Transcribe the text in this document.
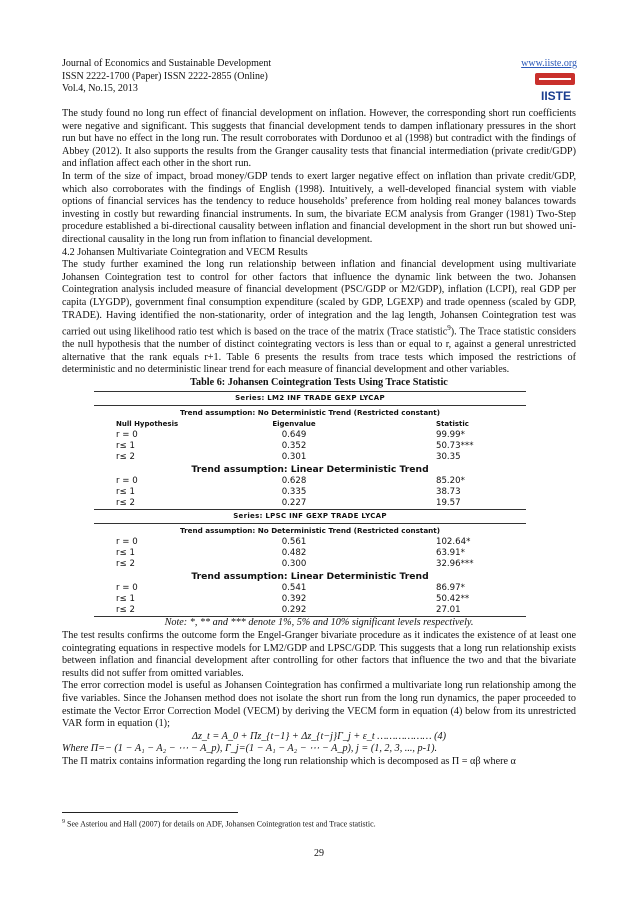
Journal of Economics and Sustainable Development	www.iiste.org
ISSN 2222-1700 (Paper) ISSN 2222-2855 (Online)
Vol.4, No.15, 2013
IISTE

The study found no long run effect of financial development on inflation. However, the corresponding short run coefficients were negative and significant. This suggests that financial development tends to dampen inflationary pressures in the short run but have no effect in the long run. The result corroborates with Dordunoo et al (1998) but contradict with the findings of Abbey (2012). It also supports the results from the Granger causality tests that financial intermediation (private credit/GDP) and inflation affect each other in the short run.

In term of the size of impact, broad money/GDP tends to exert larger negative effect on inflation than private credit/GDP, which also corroborates with the findings of English (1998). Intuitively, a well-developed financial system with viable options of financial services has the tendency to reduce households’ preference from holding real money balances towards investing in costly but rewarding financial instruments. In sum, the bivariate ECM analysis from Granger (1981) Two-Step procedure established a bi-directional causality between inflation and financial development in the short run but showed uni-directional causality in the long run from inflation to financial development.

4.2 Johansen Multivariate Cointegration and VECM Results

The study further examined the long run relationship between inflation and financial development using multivariate Johansen Cointegration test to control for other factors that influence the dynamic link between the two. Johansen Cointegration analysis included measure of financial development (PSC/GDP or M2/GDP), inflation (LCPI), real GDP per capita (LYGDP), government final consumption expenditure (scaled by GDP, LGEXP) and trade openness (scaled by GDP, TRADE). Having identified the non-stationarity, order of integration and the lag length, Johansen Cointegration test was carried out using likelihood ratio test which is based on the trace of the matrix (Trace statistic$^9$). The Trace statistic considers the null hypothesis that the number of distinct cointegrating vectors is less than or equal to r, against a general unrestricted alternative that the rank equals r+1. Table 6 presents the results from trace tests which imposed the restrictions of deterministic and no deterministic linear trend for each measure of financial development and other variables.

Table 6: Johansen Cointegration Tests Using Trace Statistic
Series: LM2 INF TRADE GEXP LYCAP
Trend assumption: No Deterministic Trend (Restricted constant)
Null Hypothesis	Eigenvalue	Statistic
r = 0	0.649	99.99*
r≤ 1	0.352	50.73***
r≤ 2	0.301	30.35
Trend assumption: Linear Deterministic Trend
r = 0	0.628	85.20*
r≤ 1	0.335	38.73
r≤ 2	0.227	19.57
Series: LPSC INF GEXP TRADE LYCAP
Trend assumption: No Deterministic Trend (Restricted constant)
r = 0	0.561	102.64*
r≤ 1	0.482	63.91*
r≤ 2	0.300	32.96***
Trend assumption: Linear Deterministic Trend
r = 0	0.541	86.97*
r≤ 1	0.392	50.42**
r≤ 2	0.292	27.01

Note: *, ** and *** denote 1%, 5% and 10% significant levels respectively.

The test results confirms the outcome form the Engel-Granger bivariate procedure as it indicates the existence of at least one cointegrating equations in respective models for LM2/GDP and LPSC/GDP. This suggests that a long run relationship exists between inflation and financial development after controlling for other factors that influence the two and that the bivariate results did not suffer from omitted variables.

The error correction model is useful as Johansen Cointegration has confirmed a multivariate long run relationship among the five variables. Since the Johansen method does not isolate the short run from the long run dynamics, the paper proceeded to estimate the Vector Error Correction Model (VECM) by deriving the VECM form in equation (4) below from its unrestricted VAR form in equation (1);

Δz_t = A_0 + Πz_{t−1} + Δz_{t−j}Γ_j + ε_t ……………… (4)

Where Π=− (1 − A₁ − A₂ − ⋯ − A_p), Γ_j=(1 − A₁ − A₂ − ⋯ − A_p), j = (1, 2, 3, ..., p-1).

The Π matrix contains information regarding the long run relationship which is decomposed as Π = αβ where α

$^9$ See Asteriou and Hall (2007) for details on ADF, Johansen Cointegration test and Trace statistic.
29
